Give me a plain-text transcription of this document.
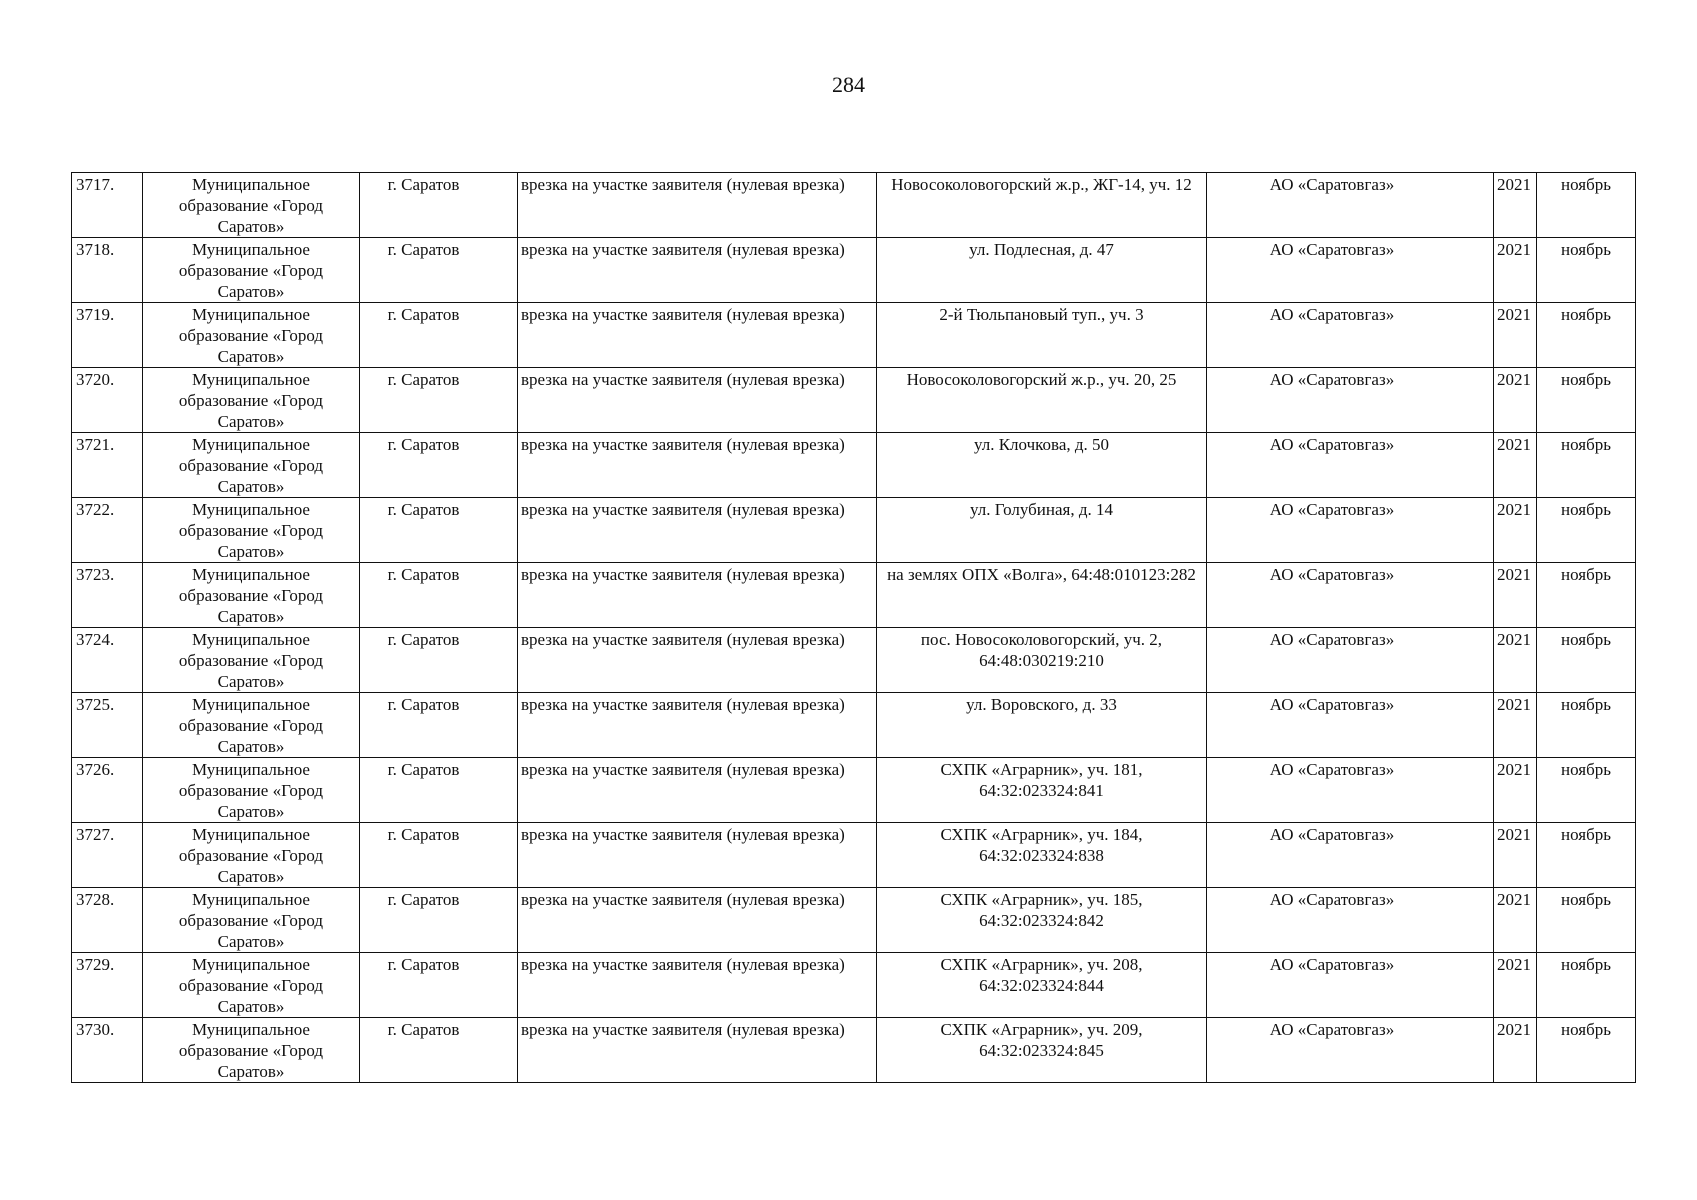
284
3717.	Муниципальное образование «Город Саратов»	г. Саратов	врезка на участке заявителя (нулевая врезка)	Новосоколовогорский ж.р., ЖГ-14, уч. 12	АО «Саратовгаз»	2021	ноябрь
3718.	Муниципальное образование «Город Саратов»	г. Саратов	врезка на участке заявителя (нулевая врезка)	ул. Подлесная, д. 47	АО «Саратовгаз»	2021	ноябрь
3719.	Муниципальное образование «Город Саратов»	г. Саратов	врезка на участке заявителя (нулевая врезка)	2-й Тюльпановый туп., уч. 3	АО «Саратовгаз»	2021	ноябрь
3720.	Муниципальное образование «Город Саратов»	г. Саратов	врезка на участке заявителя (нулевая врезка)	Новосоколовогорский ж.р., уч. 20, 25	АО «Саратовгаз»	2021	ноябрь
3721.	Муниципальное образование «Город Саратов»	г. Саратов	врезка на участке заявителя (нулевая врезка)	ул. Клочкова, д. 50	АО «Саратовгаз»	2021	ноябрь
3722.	Муниципальное образование «Город Саратов»	г. Саратов	врезка на участке заявителя (нулевая врезка)	ул. Голубиная, д. 14	АО «Саратовгаз»	2021	ноябрь
3723.	Муниципальное образование «Город Саратов»	г. Саратов	врезка на участке заявителя (нулевая врезка)	на землях ОПХ «Волга», 64:48:010123:282	АО «Саратовгаз»	2021	ноябрь
3724.	Муниципальное образование «Город Саратов»	г. Саратов	врезка на участке заявителя (нулевая врезка)	пос. Новосоколовогорский, уч. 2, 64:48:030219:210	АО «Саратовгаз»	2021	ноябрь
3725.	Муниципальное образование «Город Саратов»	г. Саратов	врезка на участке заявителя (нулевая врезка)	ул. Воровского, д. 33	АО «Саратовгаз»	2021	ноябрь
3726.	Муниципальное образование «Город Саратов»	г. Саратов	врезка на участке заявителя (нулевая врезка)	СХПК «Аграрник», уч. 181, 64:32:023324:841	АО «Саратовгаз»	2021	ноябрь
3727.	Муниципальное образование «Город Саратов»	г. Саратов	врезка на участке заявителя (нулевая врезка)	СХПК «Аграрник», уч. 184, 64:32:023324:838	АО «Саратовгаз»	2021	ноябрь
3728.	Муниципальное образование «Город Саратов»	г. Саратов	врезка на участке заявителя (нулевая врезка)	СХПК «Аграрник», уч. 185, 64:32:023324:842	АО «Саратовгаз»	2021	ноябрь
3729.	Муниципальное образование «Город Саратов»	г. Саратов	врезка на участке заявителя (нулевая врезка)	СХПК «Аграрник», уч. 208, 64:32:023324:844	АО «Саратовгаз»	2021	ноябрь
3730.	Муниципальное образование «Город Саратов»	г. Саратов	врезка на участке заявителя (нулевая врезка)	СХПК «Аграрник», уч. 209, 64:32:023324:845	АО «Саратовгаз»	2021	ноябрь
